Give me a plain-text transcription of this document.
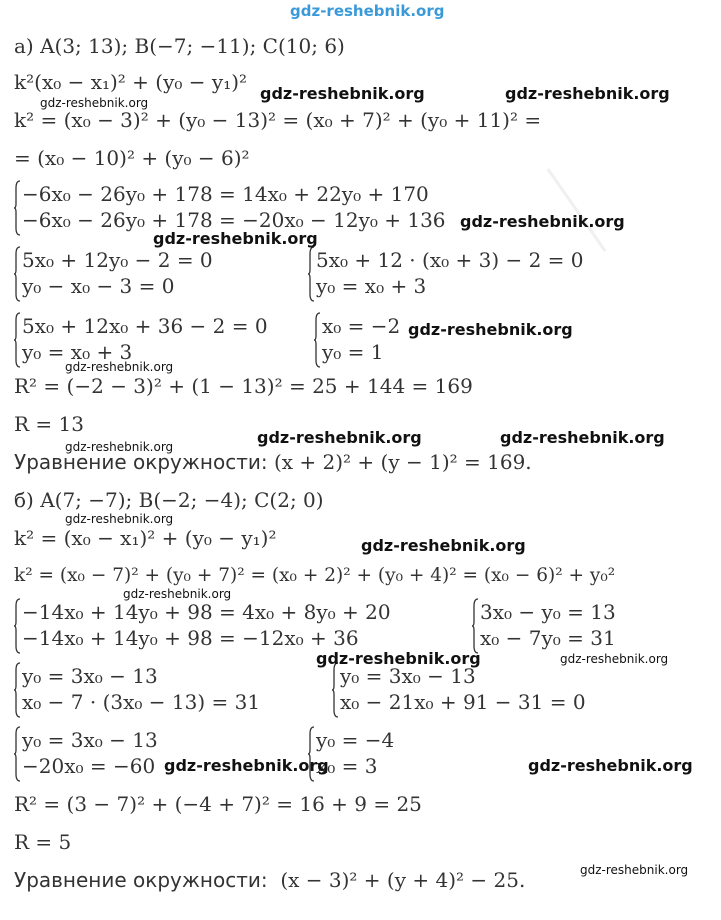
gdz-reshebnik.org
а) A(3; 13); B(−7; −11); C(10; 6)
k²(x₀ − x₁)² + (y₀ − y₁)²
k² = (x₀ − 3)² + (y₀ − 13)² = (x₀ + 7)² + (y₀ + 11)² =
= (x₀ − 10)² + (y₀ − 6)²
−6x₀ − 26y₀ + 178 = 14x₀ + 22y₀ + 170
−6x₀ − 26y₀ + 178 = −20x₀ − 12y₀ + 136
5x₀ + 12y₀ − 2 = 0
y₀ − x₀ − 3 = 0
5x₀ + 12 · (x₀ + 3) − 2 = 0
y₀ = x₀ + 3
5x₀ + 12x₀ + 36 − 2 = 0
y₀ = x₀ + 3
x₀ = −2
y₀ = 1
R² = (−2 − 3)² + (1 − 13)² = 25 + 144 = 169
R = 13
Уравнение окружности: (x + 2)² + (y − 1)² = 169.
б) A(7; −7); B(−2; −4); C(2; 0)
k² = (x₀ − x₁)² + (y₀ − y₁)²
k² = (x₀ − 7)² + (y₀ + 7)² = (x₀ + 2)² + (y₀ + 4)² = (x₀ − 6)² + y₀²
−14x₀ + 14y₀ + 98 = 4x₀ + 8y₀ + 20
−14x₀ + 14y₀ + 98 = −12x₀ + 36
3x₀ − y₀ = 13
x₀ − 7y₀ = 31
y₀ = 3x₀ − 13
x₀ − 7 · (3x₀ − 13) = 31
y₀ = 3x₀ − 13
x₀ − 21x₀ + 91 − 31 = 0
y₀ = 3x₀ − 13
−20x₀ = −60
y₀ = −4
x₀ = 3
R² = (3 − 7)² + (−4 + 7)² = 16 + 9 = 25
R = 5
Уравнение окружности: (x − 3)² + (y + 4)² − 25.
gdz-reshebnik.org	gdz-reshebnik.org
gdz-reshebnik.org
gdz-reshebnik.org
gdz-reshebnik.org
gdz-reshebnik.org	gdz-reshebnik.org
gdz-reshebnik.org
gdz-reshebnik.org
gdz-reshebnik.org	gdz-reshebnik.org
gdz-reshebnik.org
gdz-reshebnik.org
gdz-reshebnik.org
gdz-reshebnik.org
gdz-reshebnik.org
gdz-reshebnik.org
gdz-reshebnik.org
